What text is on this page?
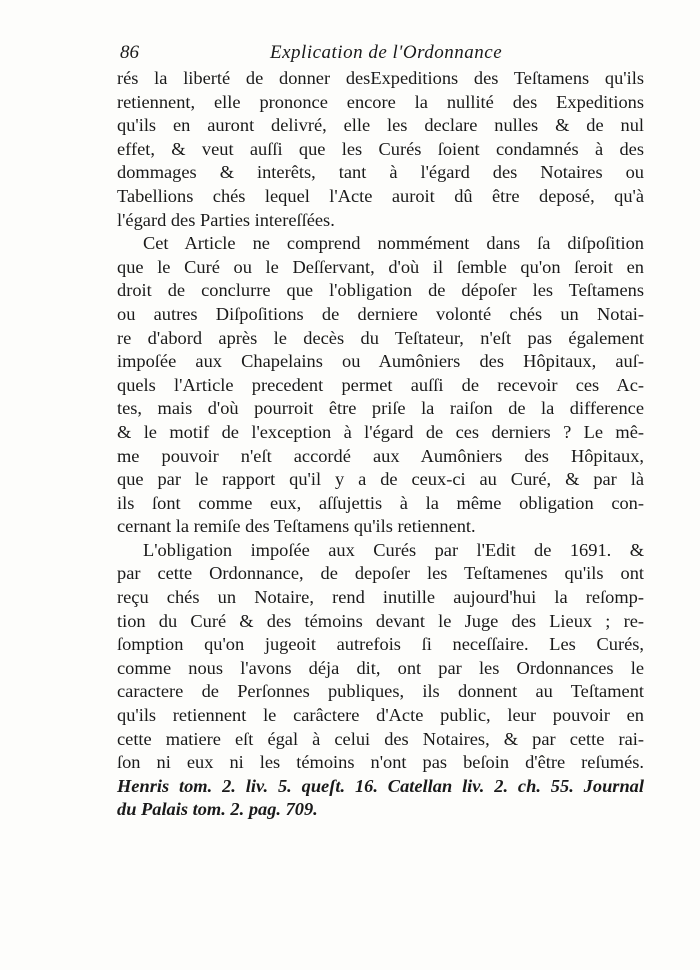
86	Explication de l'Ordonnance
rés la liberté de donner desExpeditions des Teſtamens qu'ils
retiennent, elle prononce encore la nullité des Expeditions
qu'ils en auront delivré, elle les declare nulles & de nul
effet, & veut auſſi que les Curés ſoient condamnés à des
dommages & interêts, tant à l'égard des Notaires ou
Tabellions chés lequel l'Acte auroit dû être deposé, qu'à
l'égard des Parties intereſſées.
Cet Article ne comprend nommément dans ſa diſpoſition
que le Curé ou le Deſſervant, d'où il ſemble qu'on ſeroit en
droit de conclurre que l'obligation de dépoſer les Teſtamens
ou autres Diſpoſitions de derniere volonté chés un Notai-
re d'abord après le decès du Teſtateur, n'eſt pas également
impoſée aux Chapelains ou Aumôniers des Hôpitaux, auſ-
quels l'Article precedent permet auſſi de recevoir ces Ac-
tes, mais d'où pourroit être priſe la raiſon de la difference
& le motif de l'exception à l'égard de ces derniers ? Le mê-
me pouvoir n'eſt accordé aux Aumôniers des Hôpitaux,
que par le rapport qu'il y a de ceux-ci au Curé, & par là
ils ſont comme eux, aſſujettis à la même obligation con-
cernant la remiſe des Teſtamens qu'ils retiennent.
L'obligation impoſée aux Curés par l'Edit de 1691. &
par cette Ordonnance, de depoſer les Teſtamenes qu'ils ont
reçu chés un Notaire, rend inutille aujourd'hui la reſomp-
tion du Curé & des témoins devant le Juge des Lieux ; re-
ſomption qu'on jugeoit autrefois ſi neceſſaire. Les Curés,
comme nous l'avons déja dit, ont par les Ordonnances le
caractere de Perſonnes publiques, ils donnent au Teſtament
qu'ils retiennent le carâctere d'Acte public, leur pouvoir en
cette matiere eſt égal à celui des Notaires, & par cette rai-
ſon ni eux ni les témoins n'ont pas beſoin d'être reſumés.
Henris tom. 2. liv. 5. queſt. 16. Catellan liv. 2. ch. 55. Journal
du Palais tom. 2. pag. 709.
